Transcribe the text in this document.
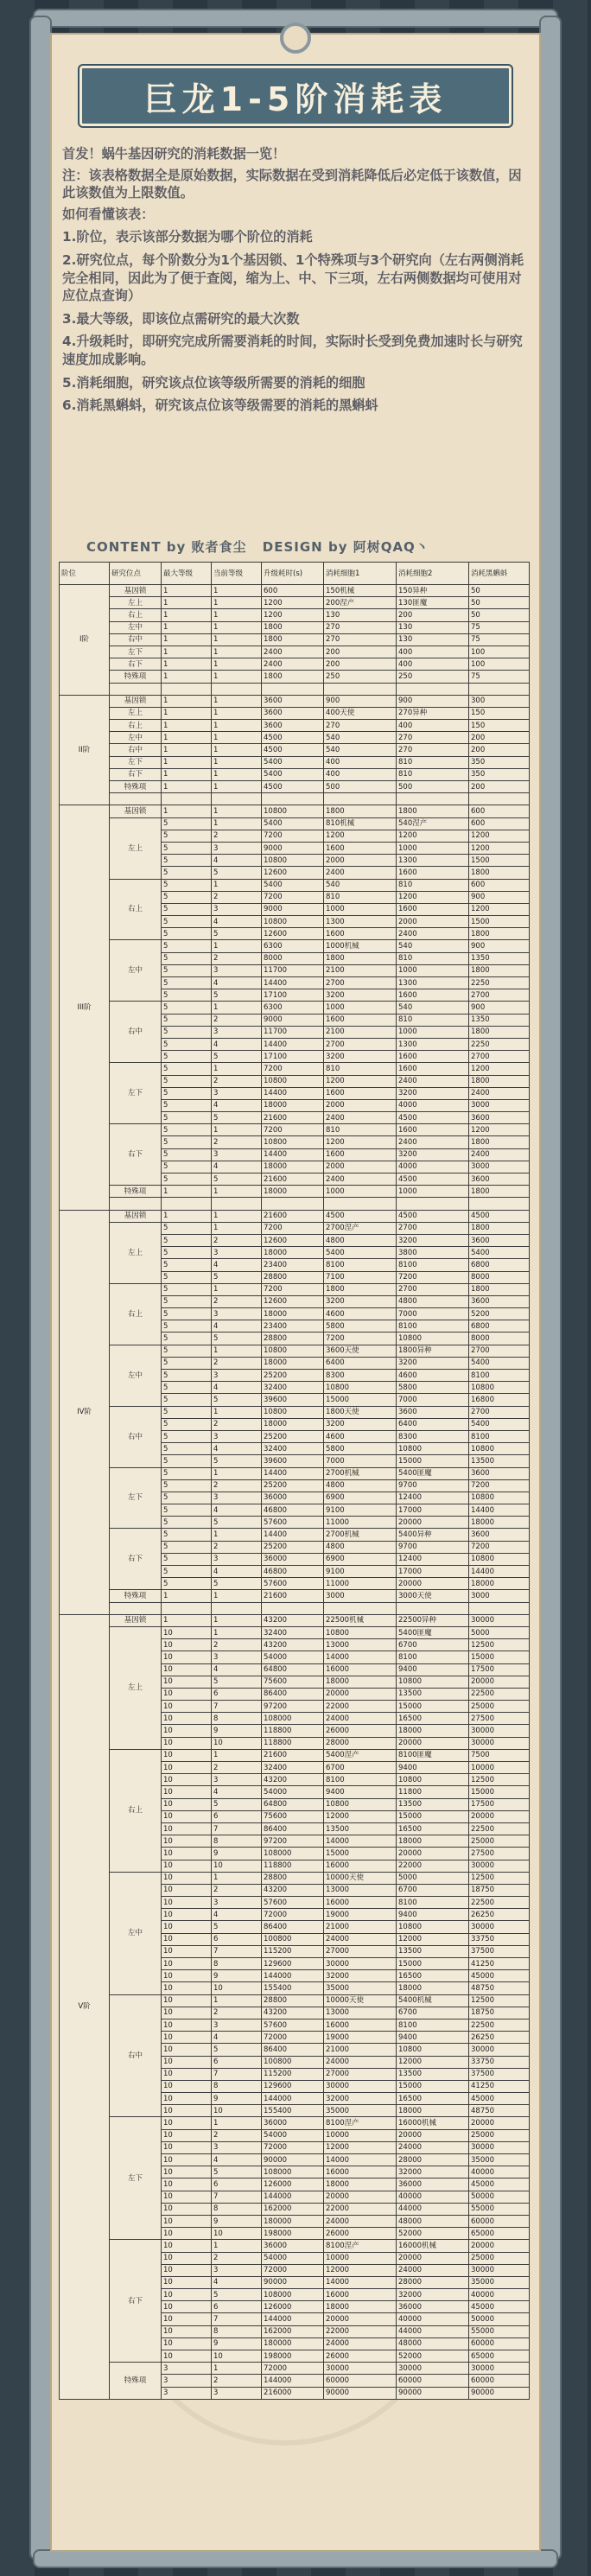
巨龙1-5阶消耗表

首发！蜗牛基因研究的消耗数据一览！

注：该表格数据全是原始数据，实际数据在受到消耗降低后必定低于该数值，因此该数值为上限数值。

如何看懂该表：

1.阶位，表示该部分数据为哪个阶位的消耗

2.研究位点，每个阶数分为1个基因锁、1个特殊项与3个研究向（左右两侧消耗完全相同，因此为了便于查阅，缩为上、中、下三项，左右两侧数据均可使用对应位点查询）

3.最大等级，即该位点需研究的最大次数

4.升级耗时，即研究完成所需要消耗的时间，实际时长受到免费加速时长与研究速度加成影响。

5.消耗细胞，研究该点位该等级所需要的消耗的细胞

6.消耗黑蝌蚪，研究该点位该等级需要的消耗的黑蝌蚪

CONTENT by 败者食尘 DESIGN by 阿树QAQ丶
阶位	研究位点	最大等级	当前等级	升级耗时(s)	消耗细胞1	消耗细胞2	消耗黑蝌蚪
I阶	基因锁	1	1	600	150机械	150异种	50
	左上	1	1	1200	200涅产	130匪魔	50
	右上	1	1	1200	130	200	50
	左中	1	1	1800	270	130	75
	右中	1	1	1800	270	130	75
	左下	1	1	2400	200	400	100
	右下	1	1	2400	200	400	100
	特殊项	1	1	1800	250	250	75

II阶	基因锁	1	1	3600	900	900	300
	左上	1	1	3600	400天使	270异种	150
	右上	1	1	3600	270	400	150
	左中	1	1	4500	540	270	200
	右中	1	1	4500	540	270	200
	左下	1	1	5400	400	810	350
	右下	1	1	5400	400	810	350
	特殊项	1	1	4500	500	500	200

III阶	基因锁	1	1	10800	1800	1800	600
	左上	5	1	5400	810机械	540涅产	600
		5	2	7200	1200	1200	1200
		5	3	9000	1600	1000	1200
		5	4	10800	2000	1300	1500
		5	5	12600	2400	1600	1800
	右上	5	1	5400	540	810	600
		5	2	7200	810	1200	900
		5	3	9000	1000	1600	1200
		5	4	10800	1300	2000	1500
		5	5	12600	1600	2400	1800
	左中	5	1	6300	1000机械	540	900
		5	2	8000	1800	810	1350
		5	3	11700	2100	1000	1800
		5	4	14400	2700	1300	2250
		5	5	17100	3200	1600	2700
	右中	5	1	6300	1000	540	900
		5	2	9000	1600	810	1350
		5	3	11700	2100	1000	1800
		5	4	14400	2700	1300	2250
		5	5	17100	3200	1600	2700
	左下	5	1	7200	810	1600	1200
		5	2	10800	1200	2400	1800
		5	3	14400	1600	3200	2400
		5	4	18000	2000	4000	3000
		5	5	21600	2400	4500	3600
	右下	5	1	7200	810	1600	1200
		5	2	10800	1200	2400	1800
		5	3	14400	1600	3200	2400
		5	4	18000	2000	4000	3000
		5	5	21600	2400	4500	3600
	特殊项	1	1	18000	1000	1000	1800

IV阶	基因锁	1	1	21600	4500	4500	4500
	左上	5	1	7200	2700涅产	2700	1800
		5	2	12600	4800	3200	3600
		5	3	18000	5400	3800	5400
		5	4	23400	8100	8100	6800
		5	5	28800	7100	7200	8000
	右上	5	1	7200	1800	2700	1800
		5	2	12600	3200	4800	3600
		5	3	18000	4600	7000	5200
		5	4	23400	5800	8100	6800
		5	5	28800	7200	10800	8000
	左中	5	1	10800	3600天使	1800异种	2700
		5	2	18000	6400	3200	5400
		5	3	25200	8300	4600	8100
		5	4	32400	10800	5800	10800
		5	5	39600	15000	7000	16800
	右中	5	1	10800	1800天使	3600	2700
		5	2	18000	3200	6400	5400
		5	3	25200	4600	8300	8100
		5	4	32400	5800	10800	10800
		5	5	39600	7000	15000	13500
	左下	5	1	14400	2700机械	5400匪魔	3600
		5	2	25200	4800	9700	7200
		5	3	36000	6900	12400	10800
		5	4	46800	9100	17000	14400
		5	5	57600	11000	20000	18000
	右下	5	1	14400	2700机械	5400异种	3600
		5	2	25200	4800	9700	7200
		5	3	36000	6900	12400	10800
		5	4	46800	9100	17000	14400
		5	5	57600	11000	20000	18000
	特殊项	1	1	21600	3000	3000天使	3000

V阶	基因锁	1	1	43200	22500机械	22500异种	30000
	左上	10	1	32400	10800	5400匪魔	5000
		10	2	43200	13000	6700	12500
		10	3	54000	14000	8100	15000
		10	4	64800	16000	9400	17500
		10	5	75600	18000	10800	20000
		10	6	86400	20000	13500	22500
		10	7	97200	22000	15000	25000
		10	8	108000	24000	16500	27500
		10	9	118800	26000	18000	30000
		10	10	118800	28000	20000	30000
	右上	10	1	21600	5400涅产	8100匪魔	7500
		10	2	32400	6700	9400	10000
		10	3	43200	8100	10800	12500
		10	4	54000	9400	11800	15000
		10	5	64800	10800	13500	17500
		10	6	75600	12000	15000	20000
		10	7	86400	13500	16500	22500
		10	8	97200	14000	18000	25000
		10	9	108000	15000	20000	27500
		10	10	118800	16000	22000	30000
	左中	10	1	28800	10000天使	5000	12500
		10	2	43200	13000	6700	18750
		10	3	57600	16000	8100	22500
		10	4	72000	19000	9400	26250
		10	5	86400	21000	10800	30000
		10	6	100800	24000	12000	33750
		10	7	115200	27000	13500	37500
		10	8	129600	30000	15000	41250
		10	9	144000	32000	16500	45000
		10	10	155400	35000	18000	48750
	右中	10	1	28800	10000天使	5400机械	12500
		10	2	43200	13000	6700	18750
		10	3	57600	16000	8100	22500
		10	4	72000	19000	9400	26250
		10	5	86400	21000	10800	30000
		10	6	100800	24000	12000	33750
		10	7	115200	27000	13500	37500
		10	8	129600	30000	15000	41250
		10	9	144000	32000	16500	45000
		10	10	155400	35000	18000	48750
	左下	10	1	36000	8100涅产	16000机械	20000
		10	2	54000	10000	20000	25000
		10	3	72000	12000	24000	30000
		10	4	90000	14000	28000	35000
		10	5	108000	16000	32000	40000
		10	6	126000	18000	36000	45000
		10	7	144000	20000	40000	50000
		10	8	162000	22000	44000	55000
		10	9	180000	24000	48000	60000
		10	10	198000	26000	52000	65000
	右下	10	1	36000	8100涅产	16000机械	20000
		10	2	54000	10000	20000	25000
		10	3	72000	12000	24000	30000
		10	4	90000	14000	28000	35000
		10	5	108000	16000	32000	40000
		10	6	126000	18000	36000	45000
		10	7	144000	20000	40000	50000
		10	8	162000	22000	44000	55000
		10	9	180000	24000	48000	60000
		10	10	198000	26000	52000	65000
	特殊项	3	1	72000	30000	30000	30000
		3	2	144000	60000	60000	60000
		3	3	216000	90000	90000	90000
